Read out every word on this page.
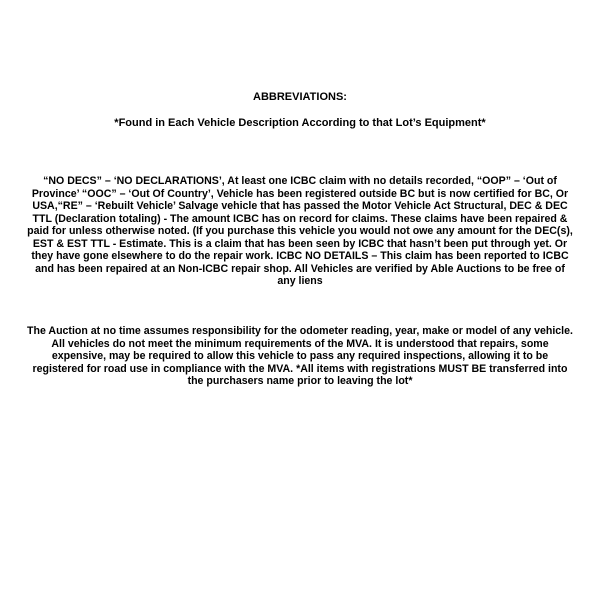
ABBREVIATIONS:

*Found in Each Vehicle Description According to that Lot’s Equipment*

“NO DECS” – ‘NO DECLARATIONS’, At least one ICBC claim with no details recorded, “OOP” – ‘Out of Province’ “OOC” – ‘Out Of Country’, Vehicle has been registered outside BC but is now certified for BC, Or USA,“RE” – ‘Rebuilt Vehicle’ Salvage vehicle that has passed the Motor Vehicle Act Structural, DEC & DEC TTL (Declaration totaling) - The amount ICBC has on record for claims. These claims have been repaired & paid for unless otherwise noted. (If you purchase this vehicle you would not owe any amount for the DEC(s), EST & EST TTL - Estimate. This is a claim that has been seen by ICBC that hasn’t been put through yet. Or they have gone elsewhere to do the repair work. ICBC NO DETAILS – This claim has been reported to ICBC and has been repaired at an Non-ICBC repair shop. All Vehicles are verified by Able Auctions to be free of any liens

The Auction at no time assumes responsibility for the odometer reading, year, make or model of any vehicle. All vehicles do not meet the minimum requirements of the MVA. It is understood that repairs, some expensive, may be required to allow this vehicle to pass any required inspections, allowing it to be registered for road use in compliance with the MVA. *All items with registrations MUST BE transferred into the purchasers name prior to leaving the lot*
